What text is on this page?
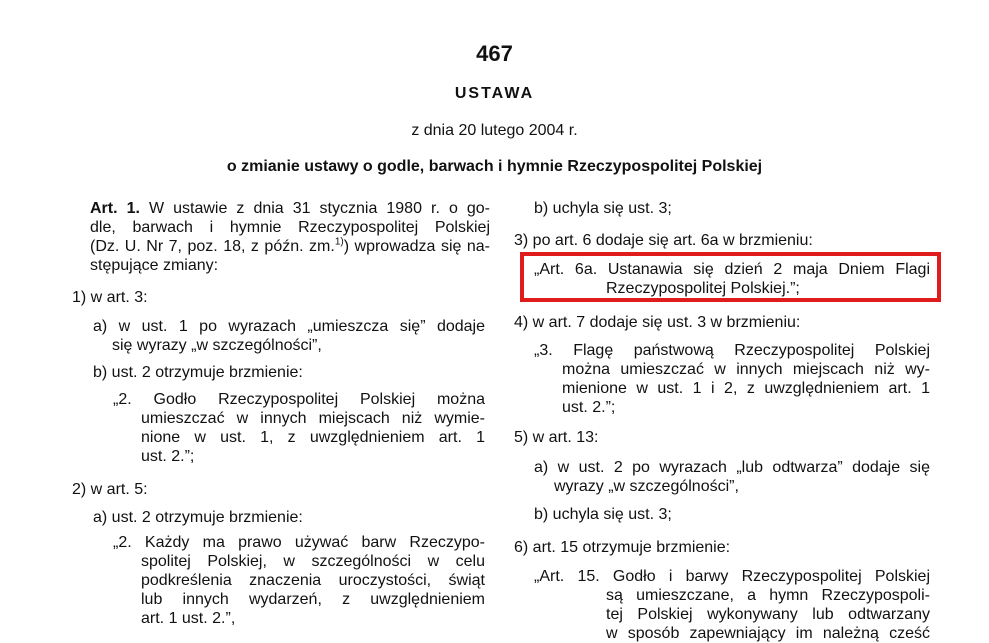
467
USTAWA
z dnia 20 lutego 2004 r.
o zmianie ustawy o godle, barwach i hymnie Rzeczypospolitej Polskiej
Art. 1. W ustawie z dnia 31 stycznia 1980 r. o go-
dle, barwach i hymnie Rzeczypospolitej Polskiej
(Dz. U. Nr 7, poz. 18, z późn. zm.$^{1)}$) wprowadza się na-
stępujące zmiany:
1) w art. 3:
a) w ust. 1 po wyrazach „umieszcza się” dodaje
się wyrazy „w szczególności”,
b) ust. 2 otrzymuje brzmienie:
„2. Godło Rzeczypospolitej Polskiej można
umieszczać w innych miejscach niż wymie-
nione w ust. 1, z uwzględnieniem art. 1
ust. 2.”;
2) w art. 5:
a) ust. 2 otrzymuje brzmienie:
„2. Każdy ma prawo używać barw Rzeczypo-
spolitej Polskiej, w szczególności w celu
podkreślenia znaczenia uroczystości, świąt
lub innych wydarzeń, z uwzględnieniem
art. 1 ust. 2.”,
b) uchyla się ust. 3;
3) po art. 6 dodaje się art. 6a w brzmieniu:
„Art. 6a. Ustanawia się dzień 2 maja Dniem Flagi
Rzeczypospolitej Polskiej.”;
4) w art. 7 dodaje się ust. 3 w brzmieniu:
„3. Flagę państwową Rzeczypospolitej Polskiej
można umieszczać w innych miejscach niż wy-
mienione w ust. 1 i 2, z uwzględnieniem art. 1
ust. 2.”;
5) w art. 13:
a) w ust. 2 po wyrazach „lub odtwarza” dodaje się
wyrazy „w szczególności”,
b) uchyla się ust. 3;
6) art. 15 otrzymuje brzmienie:
„Art. 15. Godło i barwy Rzeczypospolitej Polskiej
są umieszczane, a hymn Rzeczypospoli-
tej Polskiej wykonywany lub odtwarzany
w sposób zapewniający im należną cześć
